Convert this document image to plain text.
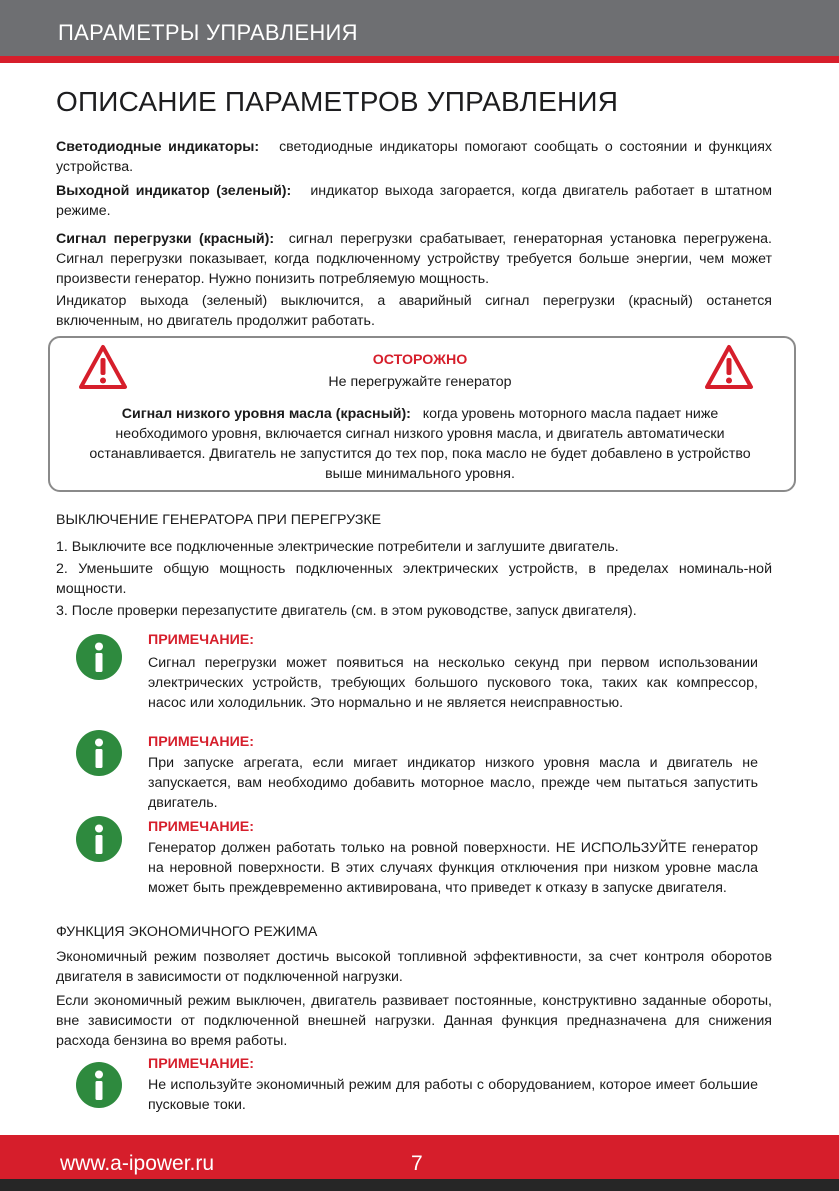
ПАРАМЕТРЫ УПРАВЛЕНИЯ
ОПИСАНИЕ ПАРАМЕТРОВ УПРАВЛЕНИЯ
Светодиодные индикаторы: светодиодные индикаторы помогают сообщать о состоянии и функциях устройства.
Выходной индикатор (зеленый): индикатор выхода загорается, когда двигатель работает в штатном режиме.
Сигнал перегрузки (красный): сигнал перегрузки срабатывает, генераторная установка перегружена. Сигнал перегрузки показывает, когда подключенному устройству требуется больше энергии, чем может произвести генератор. Нужно понизить потребляемую мощность.
Индикатор выхода (зеленый) выключится, а аварийный сигнал перегрузки (красный) останется включенным, но двигатель продолжит работать.
ОСТОРОЖНО
Не перегружайте генератор
Сигнал низкого уровня масла (красный): когда уровень моторного масла падает ниже необходимого уровня, включается сигнал низкого уровня масла, и двигатель автоматически останавливается. Двигатель не запустится до тех пор, пока масло не будет добавлено в устройство выше минимального уровня.
ВЫКЛЮЧЕНИЕ ГЕНЕРАТОРА ПРИ ПЕРЕГРУЗКЕ
1. Выключите все подключенные электрические потребители и заглушите двигатель.
2. Уменьшите общую мощность подключенных электрических устройств, в пределах номиналь-ной мощности.
3. После проверки перезапустите двигатель (см. в этом руководстве, запуск двигателя).
ПРИМЕЧАНИЕ:
Сигнал перегрузки может появиться на несколько секунд при первом использовании электрических устройств, требующих большого пускового тока, таких как компрессор, насос или холодильник. Это нормально и не является неисправностью.
ПРИМЕЧАНИЕ:
При запуске агрегата, если мигает индикатор низкого уровня масла и двигатель не запускается, вам необходимо добавить моторное масло, прежде чем пытаться запустить двигатель.
ПРИМЕЧАНИЕ:
Генератор должен работать только на ровной поверхности. НЕ ИСПОЛЬЗУЙТЕ генератор на неровной поверхности. В этих случаях функция отключения при низком уровне масла может быть преждевременно активирована, что приведет к отказу в запуске двигателя.
ФУНКЦИЯ ЭКОНОМИЧНОГО РЕЖИМА
Экономичный режим позволяет достичь высокой топливной эффективности, за счет контроля оборотов двигателя в зависимости от подключенной нагрузки.
Если экономичный режим выключен, двигатель развивает постоянные, конструктивно заданные обороты, вне зависимости от подключенной внешней нагрузки. Данная функция предназначена для снижения расхода бензина во время работы.
ПРИМЕЧАНИЕ:
Не используйте экономичный режим для работы с оборудованием, которое имеет большие пусковые токи.
www.a-ipower.ru	7
